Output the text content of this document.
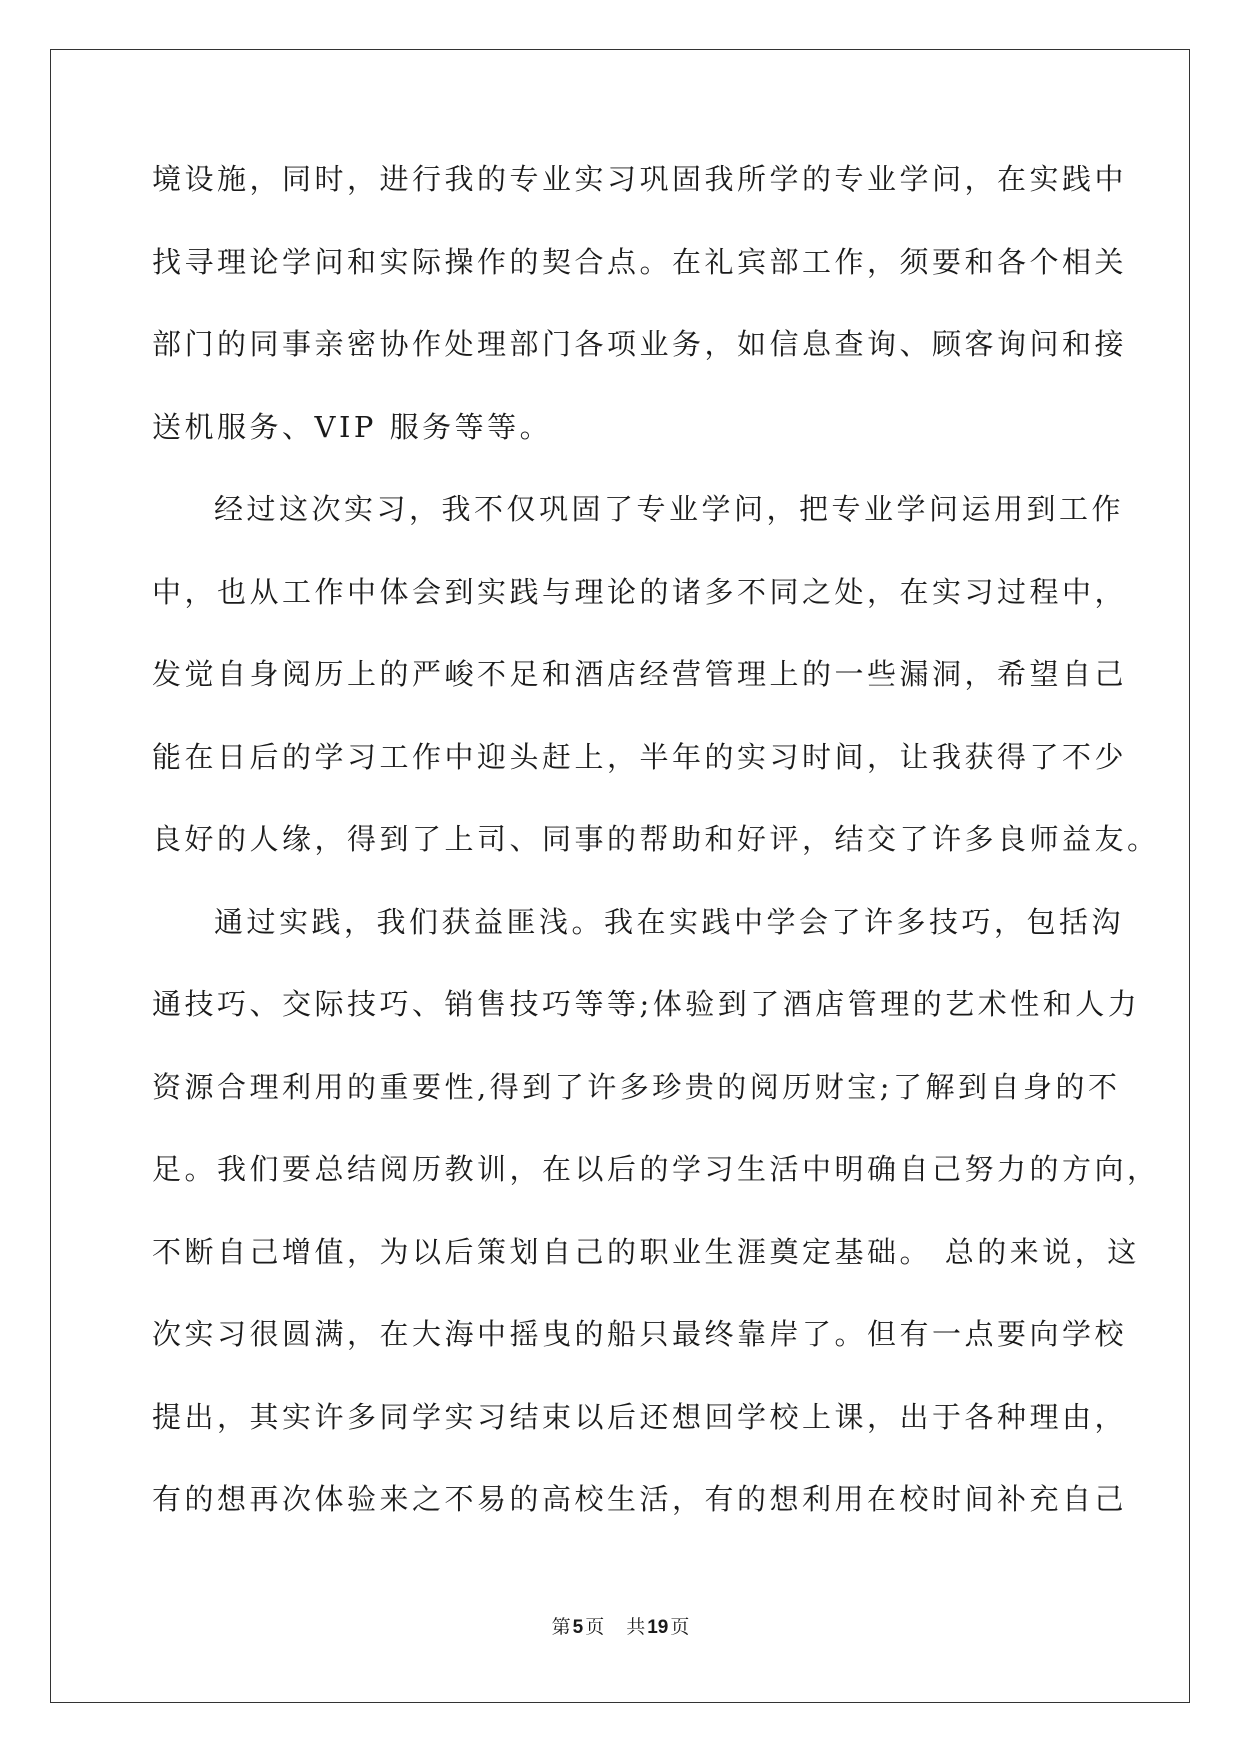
境设施，同时，进行我的专业实习巩固我所学的专业学问，在实践中
找寻理论学问和实际操作的契合点。在礼宾部工作，须要和各个相关
部门的同事亲密协作处理部门各项业务，如信息查询、顾客询问和接
送机服务、VIP 服务等等。
经过这次实习，我不仅巩固了专业学问，把专业学问运用到工作
中，也从工作中体会到实践与理论的诸多不同之处，在实习过程中，
发觉自身阅历上的严峻不足和酒店经营管理上的一些漏洞，希望自己
能在日后的学习工作中迎头赶上，半年的实习时间，让我获得了不少
良好的人缘，得到了上司、同事的帮助和好评，结交了许多良师益友。
通过实践，我们获益匪浅。我在实践中学会了许多技巧，包括沟
通技巧、交际技巧、销售技巧等等;体验到了酒店管理的艺术性和人力
资源合理利用的重要性,得到了许多珍贵的阅历财宝;了解到自身的不
足。我们要总结阅历教训，在以后的学习生活中明确自己努力的方向，
不断自己增值，为以后策划自己的职业生涯奠定基础。 总的来说，这
次实习很圆满，在大海中摇曳的船只最终靠岸了。但有一点要向学校
提出，其实许多同学实习结束以后还想回学校上课，出于各种理由，
有的想再次体验来之不易的高校生活，有的想利用在校时间补充自己
第 5 页 共 19 页
